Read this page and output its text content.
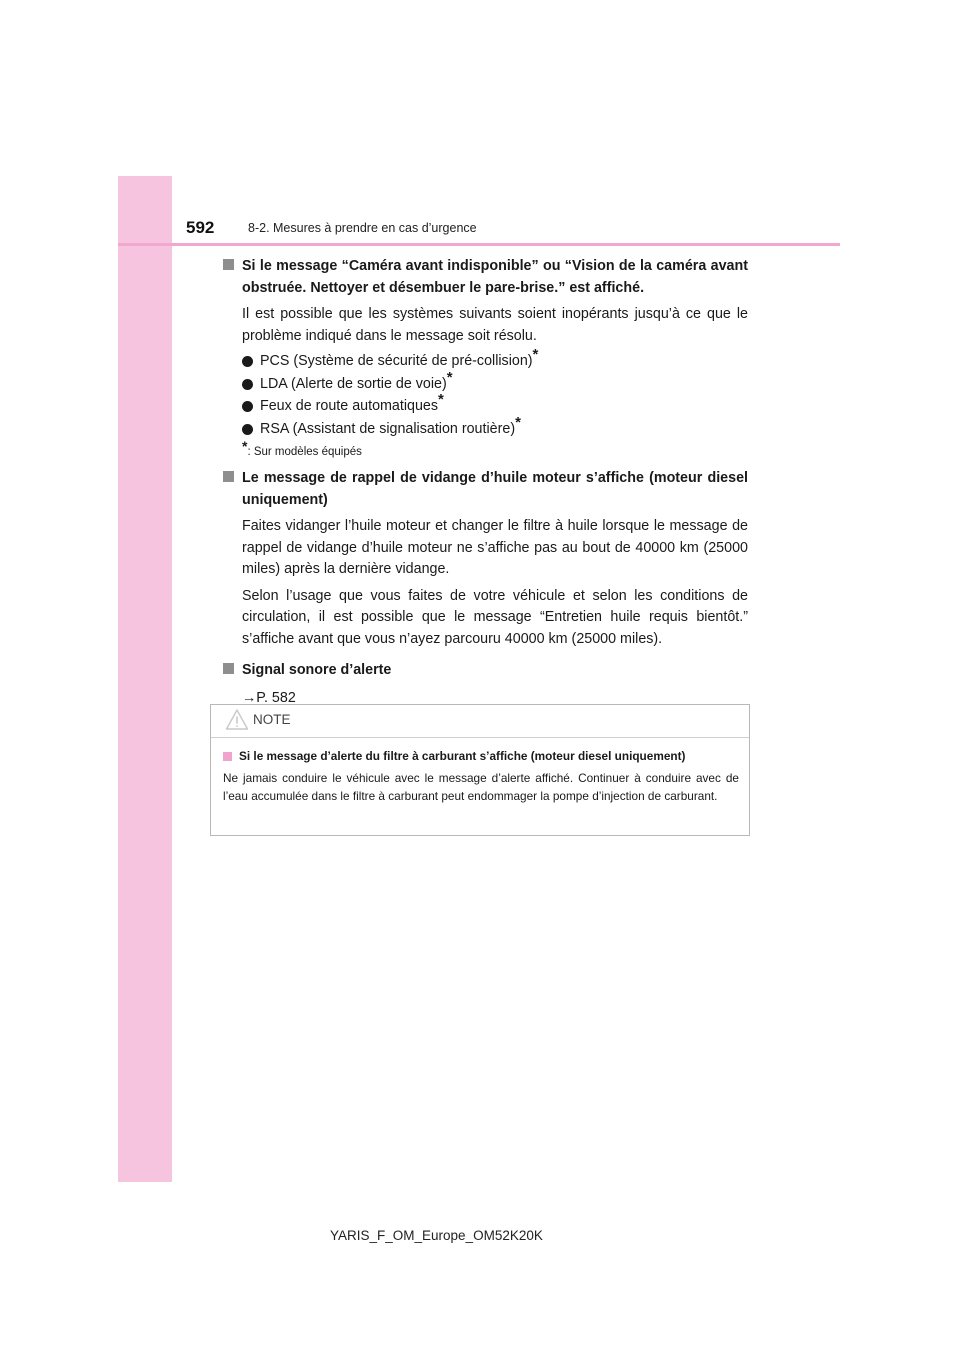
592	8-2. Mesures à prendre en cas d’urgence
Si le message “Caméra avant indisponible” ou “Vision de la caméra avant obstruée. Nettoyer et désembuer le pare-brise.” est affiché.

Il est possible que les systèmes suivants soient inopérants jusqu’à ce que le problème indiqué dans le message soit résolu.

PCS (Système de sécurité de pré-collision)*
LDA (Alerte de sortie de voie)*
Feux de route automatiques*
RSA (Assistant de signalisation routière)*

*: Sur modèles équipés

Le message de rappel de vidange d’huile moteur s’affiche (moteur diesel uniquement)

Faites vidanger l’huile moteur et changer le filtre à huile lorsque le message de rappel de vidange d’huile moteur ne s’affiche pas au bout de 40000 km (25000 miles) après la dernière vidange.

Selon l’usage que vous faites de votre véhicule et selon les conditions de circulation, il est possible que le message “Entretien huile requis bientôt.” s’affiche avant que vous n’ayez parcouru 40000 km (25000 miles).

Signal sonore d’alerte

→P. 582

NOTE
Si le message d’alerte du filtre à carburant s’affiche (moteur diesel uniquement)

Ne jamais conduire le véhicule avec le message d’alerte affiché. Continuer à conduire avec de l’eau accumulée dans le filtre à carburant peut endommager la pompe d’injection de carburant.

YARIS_F_OM_Europe_OM52K20K
